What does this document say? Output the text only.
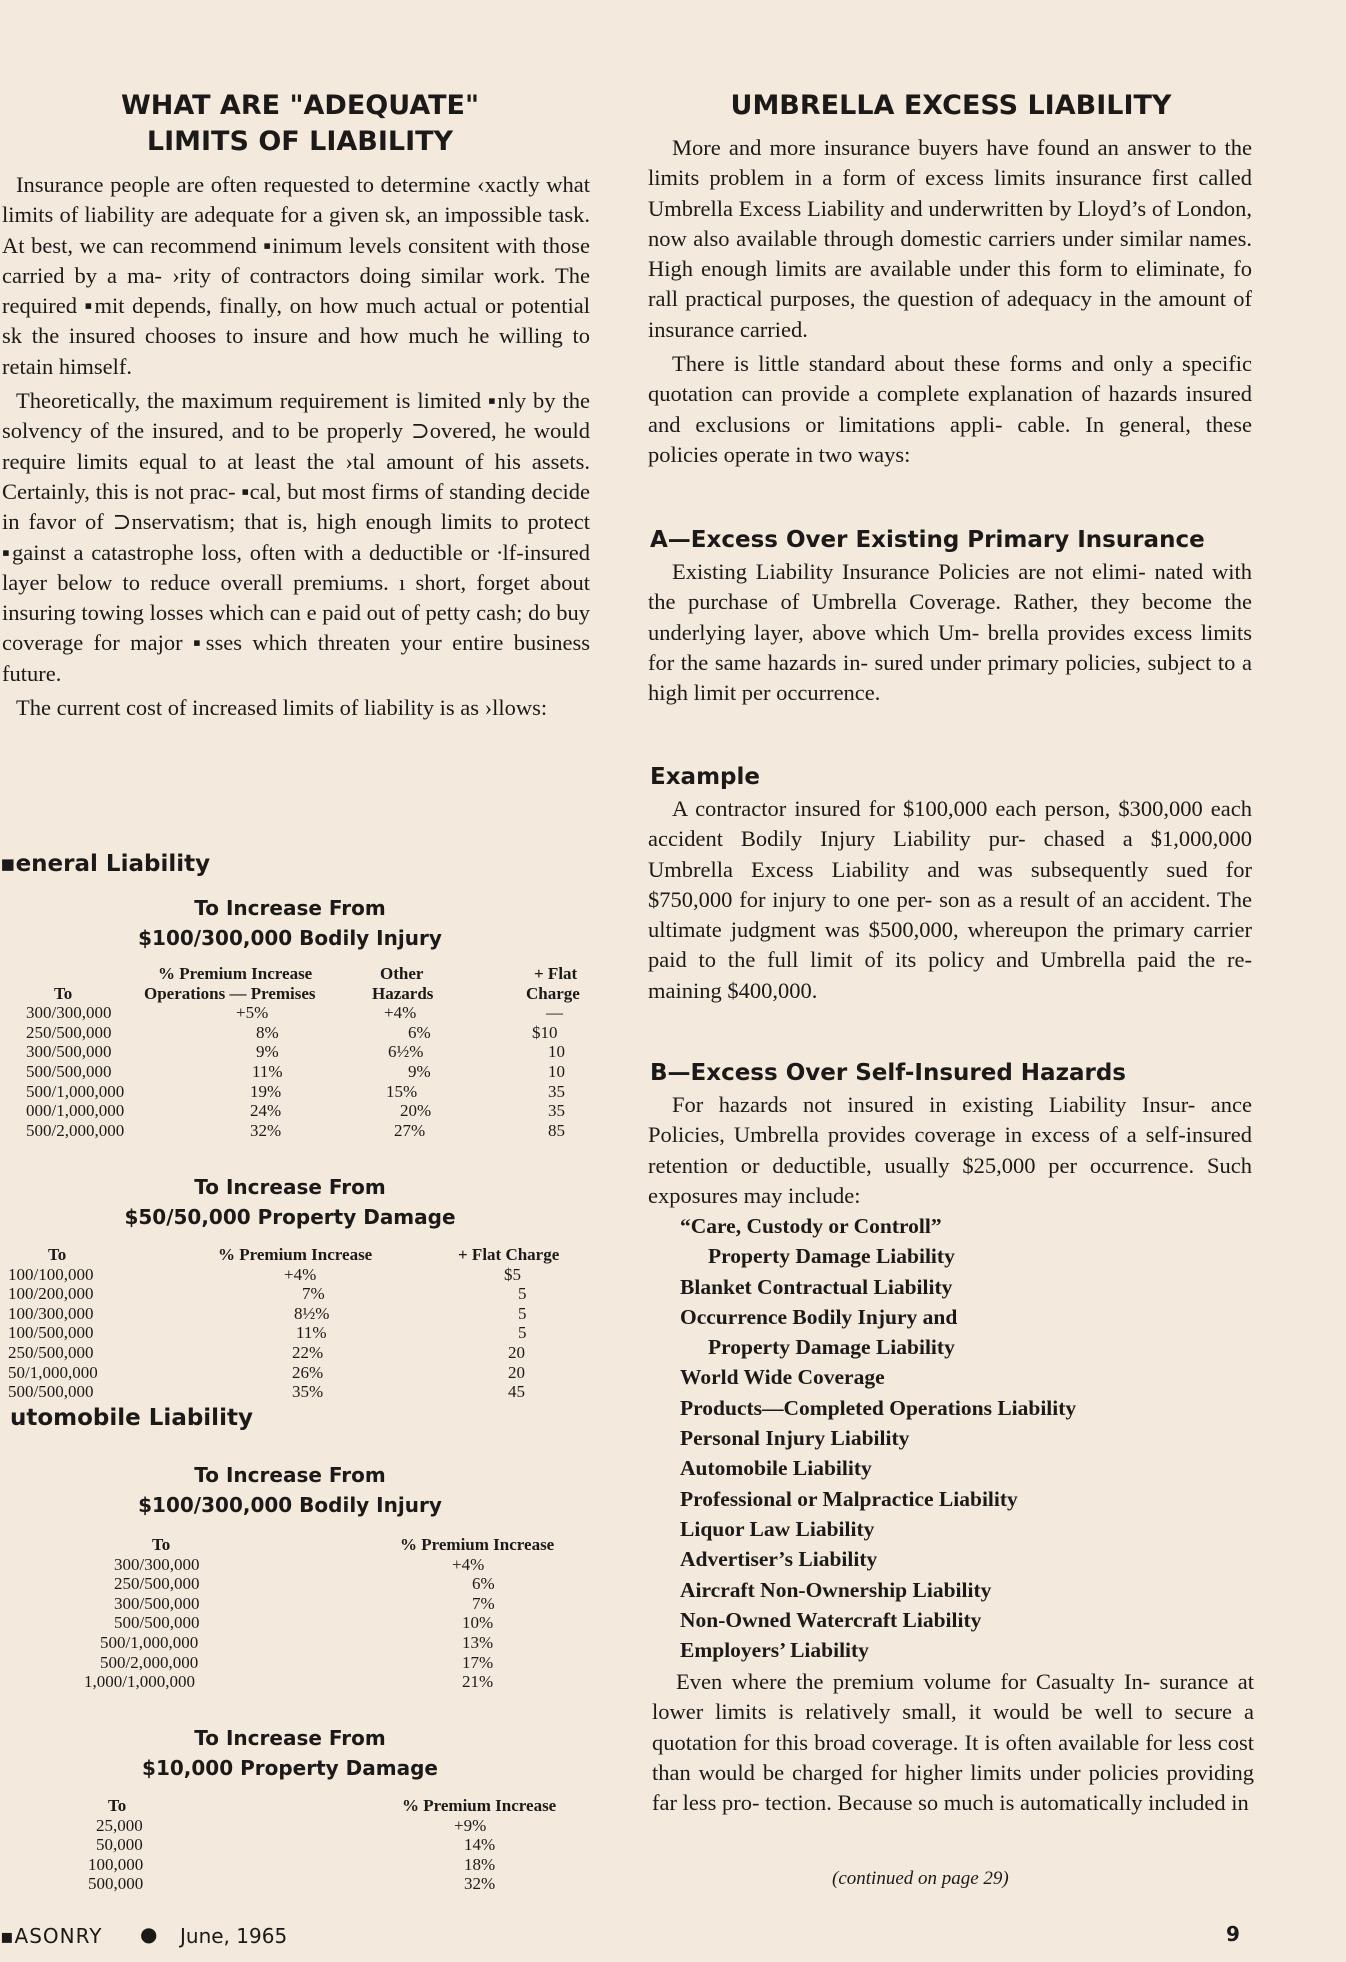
WHAT ARE "ADEQUATE"
LIMITS OF LIABILITY

Insurance people are often requested to determine ‹xactly what limits of liability are adequate for a given sk, an impossible task. At best, we can recommend ▪inimum levels consitent with those carried by a ma- ›rity of contractors doing similar work. The required ▪mit depends, finally, on how much actual or potential sk the insured chooses to insure and how much he willing to retain himself.

Theoretically, the maximum requirement is limited ▪nly by the solvency of the insured, and to be properly ⊃overed, he would require limits equal to at least the ›tal amount of his assets. Certainly, this is not prac- ▪cal, but most firms of standing decide in favor of ⊃nservatism; that is, high enough limits to protect ▪gainst a catastrophe loss, often with a deductible or ∙lf-insured layer below to reduce overall premiums. ı short, forget about insuring towing losses which can e paid out of petty cash; do buy coverage for major ▪sses which threaten your entire business future.

The current cost of increased limits of liability is as ›llows:

▪eneral Liability
To Increase From
$100/300,000 Bodily Injury
% Premium Increase	Other	+ Flat
To	Operations — Premises	Hazards	Charge
300/300,000	+5%	+4%	—
250/500,000	8%	6%	$10
300/500,000	9%	6½%	10
500/500,000	11%	9%	10
500/1,000,000	19%	15%	35
000/1,000,000	24%	20%	35
500/2,000,000	32%	27%	85
To Increase From
$50/50,000 Property Damage
To	% Premium Increase	+ Flat Charge
100/100,000	+4%	$5
100/200,000	7%	5
100/300,000	8½%	5
100/500,000	11%	5
250/500,000	22%	20
50/1,000,000	26%	20
500/500,000	35%	45
utomobile Liability
To Increase From
$100/300,000 Bodily Injury
To	% Premium Increase
300/300,000	+4%
250/500,000	6%
300/500,000	7%
500/500,000	10%
500/1,000,000	13%
500/2,000,000	17%
1,000/1,000,000	21%
To Increase From
$10,000 Property Damage
To	% Premium Increase
25,000	+9%
50,000	14%
100,000	18%
500,000	32%
UMBRELLA EXCESS LIABILITY

More and more insurance buyers have found an answer to the limits problem in a form of excess limits insurance first called Umbrella Excess Liability and underwritten by Lloyd’s of London, now also available through domestic carriers under similar names. High enough limits are available under this form to eliminate, fo rall practical purposes, the question of adequacy in the amount of insurance carried.

There is little standard about these forms and only a specific quotation can provide a complete explanation of hazards insured and exclusions or limitations appli- cable. In general, these policies operate in two ways:

A—Excess Over Existing Primary Insurance

Existing Liability Insurance Policies are not elimi- nated with the purchase of Umbrella Coverage. Rather, they become the underlying layer, above which Um- brella provides excess limits for the same hazards in- sured under primary policies, subject to a high limit per occurrence.

Example

A contractor insured for $100,000 each person, $300,000 each accident Bodily Injury Liability pur- chased a $1,000,000 Umbrella Excess Liability and was subsequently sued for $750,000 for injury to one per- son as a result of an accident. The ultimate judgment was $500,000, whereupon the primary carrier paid to the full limit of its policy and Umbrella paid the re- maining $400,000.

B—Excess Over Self-Insured Hazards

For hazards not insured in existing Liability Insur- ance Policies, Umbrella provides coverage in excess of a self-insured retention or deductible, usually $25,000 per occurrence. Such exposures may include:

“Care, Custody or Controll”
Property Damage Liability
Blanket Contractual Liability
Occurrence Bodily Injury and
Property Damage Liability
World Wide Coverage
Products—Completed Operations Liability
Personal Injury Liability
Automobile Liability
Professional or Malpractice Liability
Liquor Law Liability
Advertiser’s Liability
Aircraft Non-Ownership Liability
Non-Owned Watercraft Liability
Employers’ Liability

Even where the premium volume for Casualty In- surance at lower limits is relatively small, it would be well to secure a quotation for this broad coverage. It is often available for less cost than would be charged for higher limits under policies providing far less pro- tection. Because so much is automatically included in

(continued on page 29)
▪ASONRY ● June, 1965	9
